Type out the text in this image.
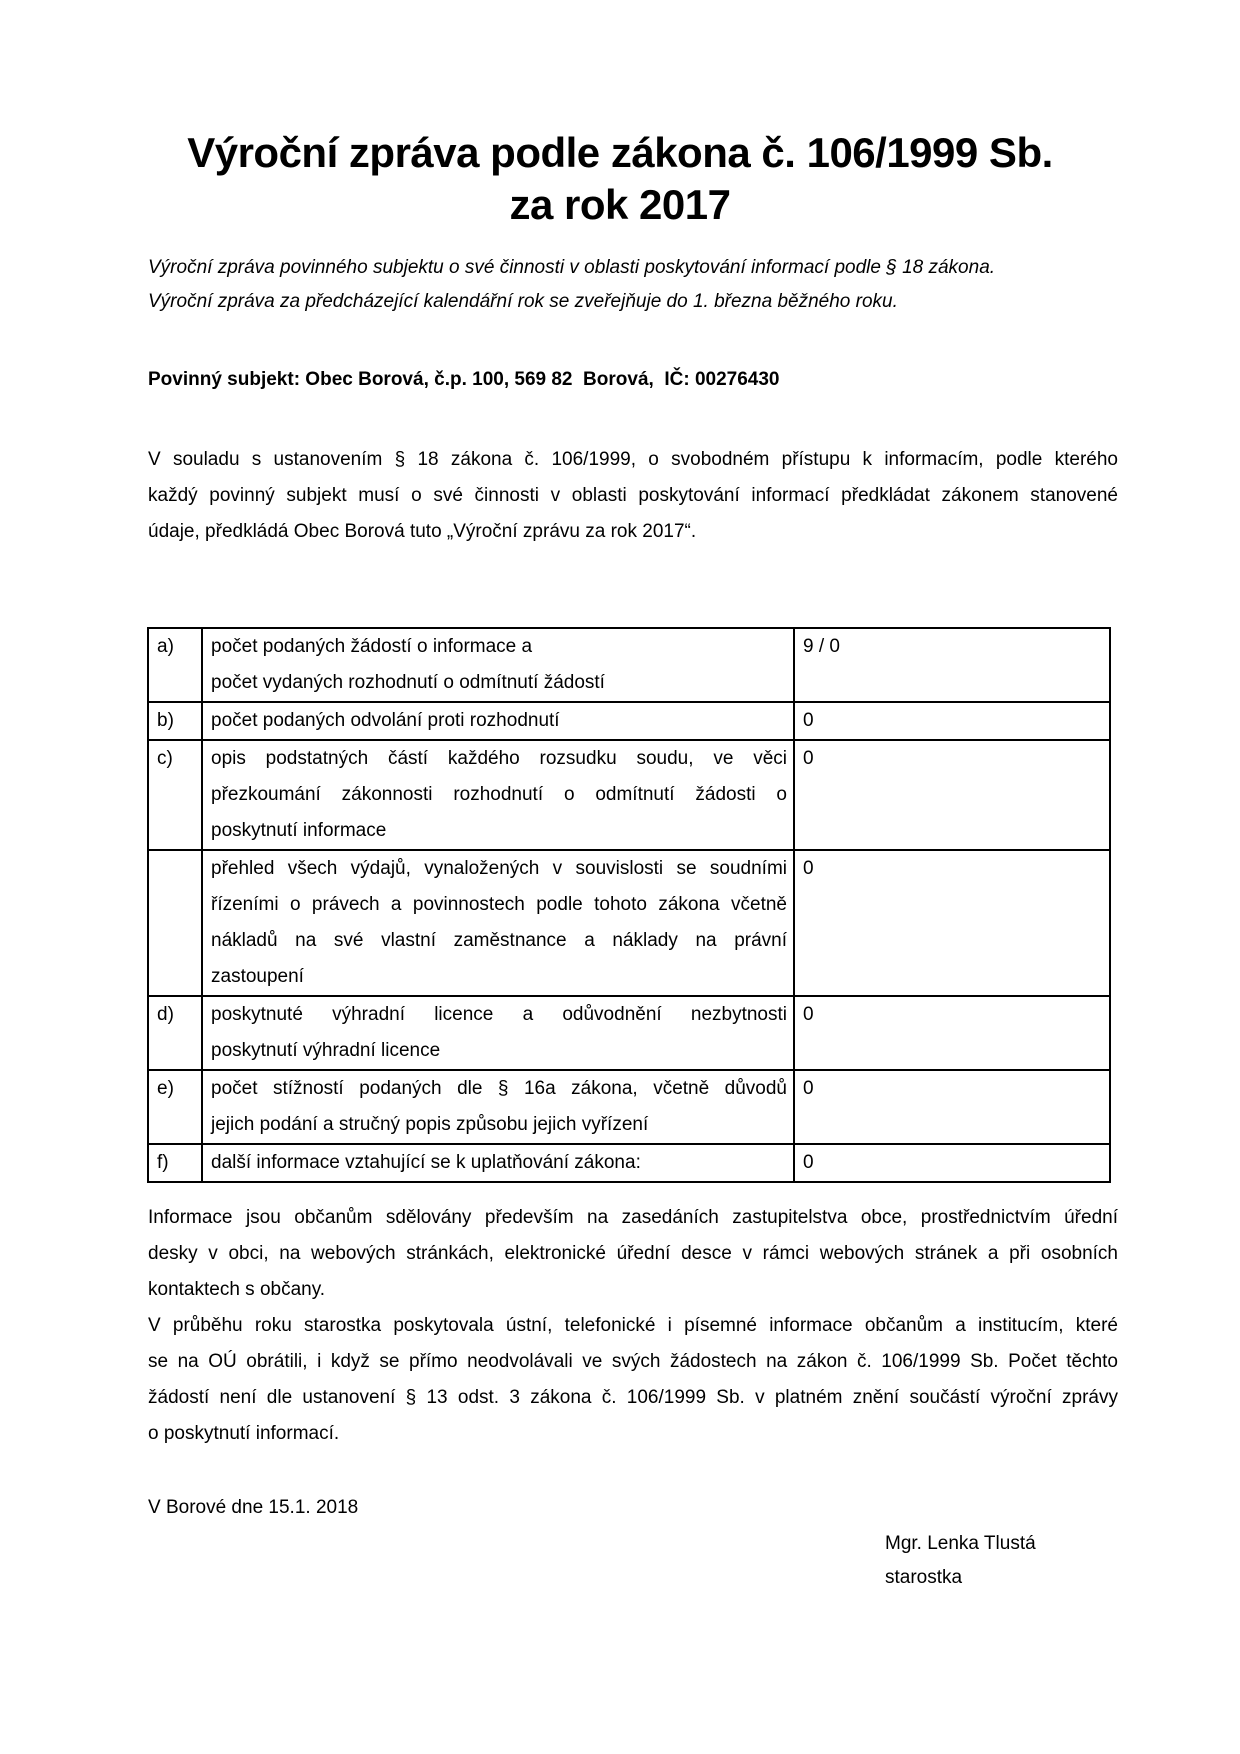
Výroční zpráva podle zákona č. 106/1999 Sb.
za rok 2017
Výroční zpráva povinného subjektu o své činnosti v oblasti poskytování informací podle § 18 zákona.
Výroční zpráva za předcházející kalendářní rok se zveřejňuje do 1. března běžného roku.
Povinný subjekt: Obec Borová, č.p. 100, 569 82  Borová,  IČ: 00276430
V souladu s ustanovením § 18 zákona č. 106/1999, o svobodném přístupu k informacím, podle kterého
každý povinný subjekt musí o své činnosti v oblasti poskytování informací předkládat zákonem stanovené
údaje, předkládá Obec Borová tuto „Výroční zprávu za rok 2017“.
a)	počet podaných žádostí o informace a
počet vydaných rozhodnutí o odmítnutí žádostí	9 / 0
b)	počet podaných odvolání proti rozhodnutí	0
c)	opis podstatných částí každého rozsudku soudu, ve věci
přezkoumání zákonnosti rozhodnutí o odmítnutí žádosti o
poskytnutí informace	0

	přehled všech výdajů, vynaložených v souvislosti se soudními
řízeními o právech a povinnostech podle tohoto zákona včetně
nákladů na své vlastní zaměstnance a náklady na právní
zastoupení	0
d)	poskytnuté výhradní licence a odůvodnění nezbytnosti
poskytnutí výhradní licence	0
e)	počet stížností podaných dle § 16a zákona, včetně důvodů
jejich podání a stručný popis způsobu jejich vyřízení	0
f)	další informace vztahující se k uplatňování zákona:	0
Informace jsou občanům sdělovány především na zasedáních zastupitelstva obce, prostřednictvím úřední
desky v obci, na webových stránkách, elektronické úřední desce v rámci webových stránek a při osobních
kontaktech s občany.
V průběhu roku starostka poskytovala ústní, telefonické i písemné informace občanům a institucím, které
se na OÚ obrátili, i když se přímo neodvolávali ve svých žádostech na zákon č. 106/1999 Sb. Počet těchto
žádostí není dle ustanovení § 13 odst. 3 zákona č. 106/1999 Sb. v platném znění součástí výroční zprávy
o poskytnutí informací.
V Borové dne 15.1. 2018
Mgr. Lenka Tlustá
starostka
